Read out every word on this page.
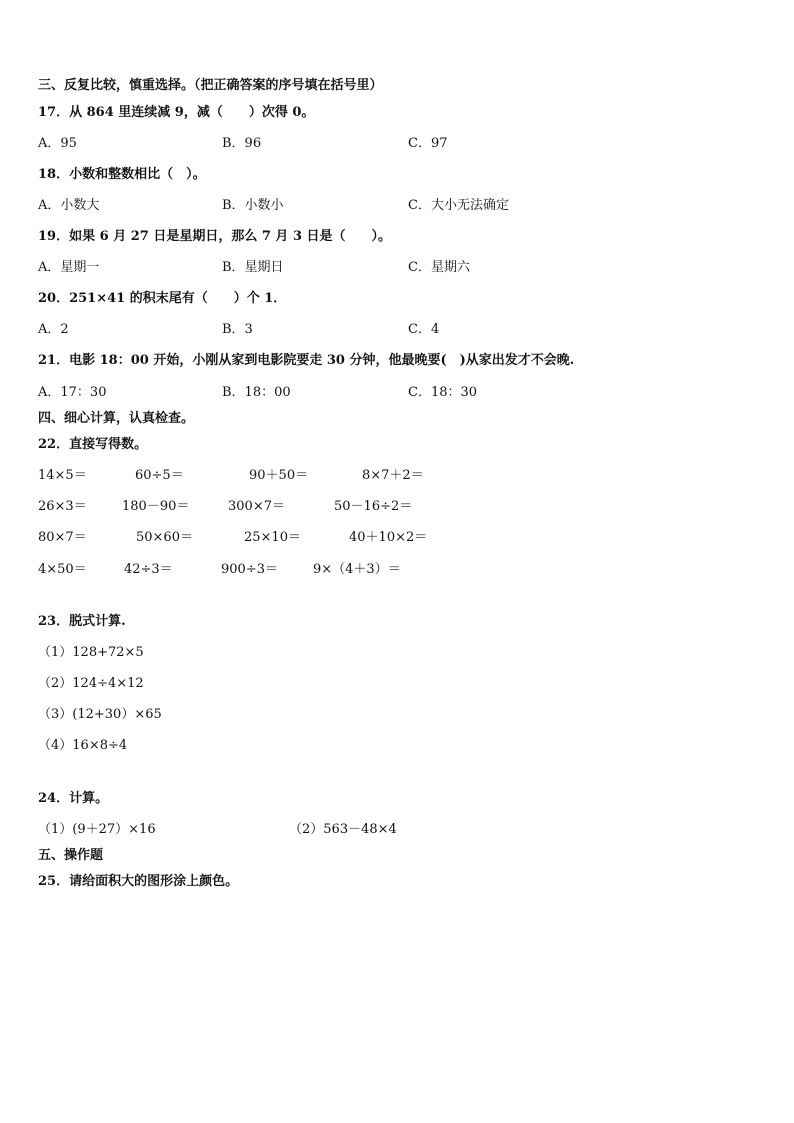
三、反复比较，慎重选择。（把正确答案的序号填在括号里）
17．从 864 里连续减 9，减（　　）次得 0。
A．95	B．96	C．97
18．小数和整数相比（　）。
A．小数大	B．小数小	C．大小无法确定
19．如果 6 月 27 日是星期日，那么 7 月 3 日是（　　）。
A．星期一	B．星期日	C．星期六
20．251×41 的积末尾有（　　）个 1．
A．2	B．3	C．4
21．电影 18：00 开始，小刚从家到电影院要走 30 分钟，他最晚要(　)从家出发才不会晚.
A．17：30	B．18：00	C．18：30
四、细心计算，认真检查。
22．直接写得数。
14×5＝	60÷5＝	90＋50＝	8×7＋2＝
26×3＝	180－90＝	300×7＝	50－16÷2＝
80×7＝	50×60＝	25×10＝	40＋10×2＝
4×50＝	42÷3＝	900÷3＝	9×（4＋3）＝
23．脱式计算.
（1）128+72×5
（2）124÷4×12
（3）(12+30）×65
（4）16×8÷4
24．计算。
（1）(9＋27）×16	（2）563－48×4
五、操作题
25．请给面积大的图形涂上颜色。
